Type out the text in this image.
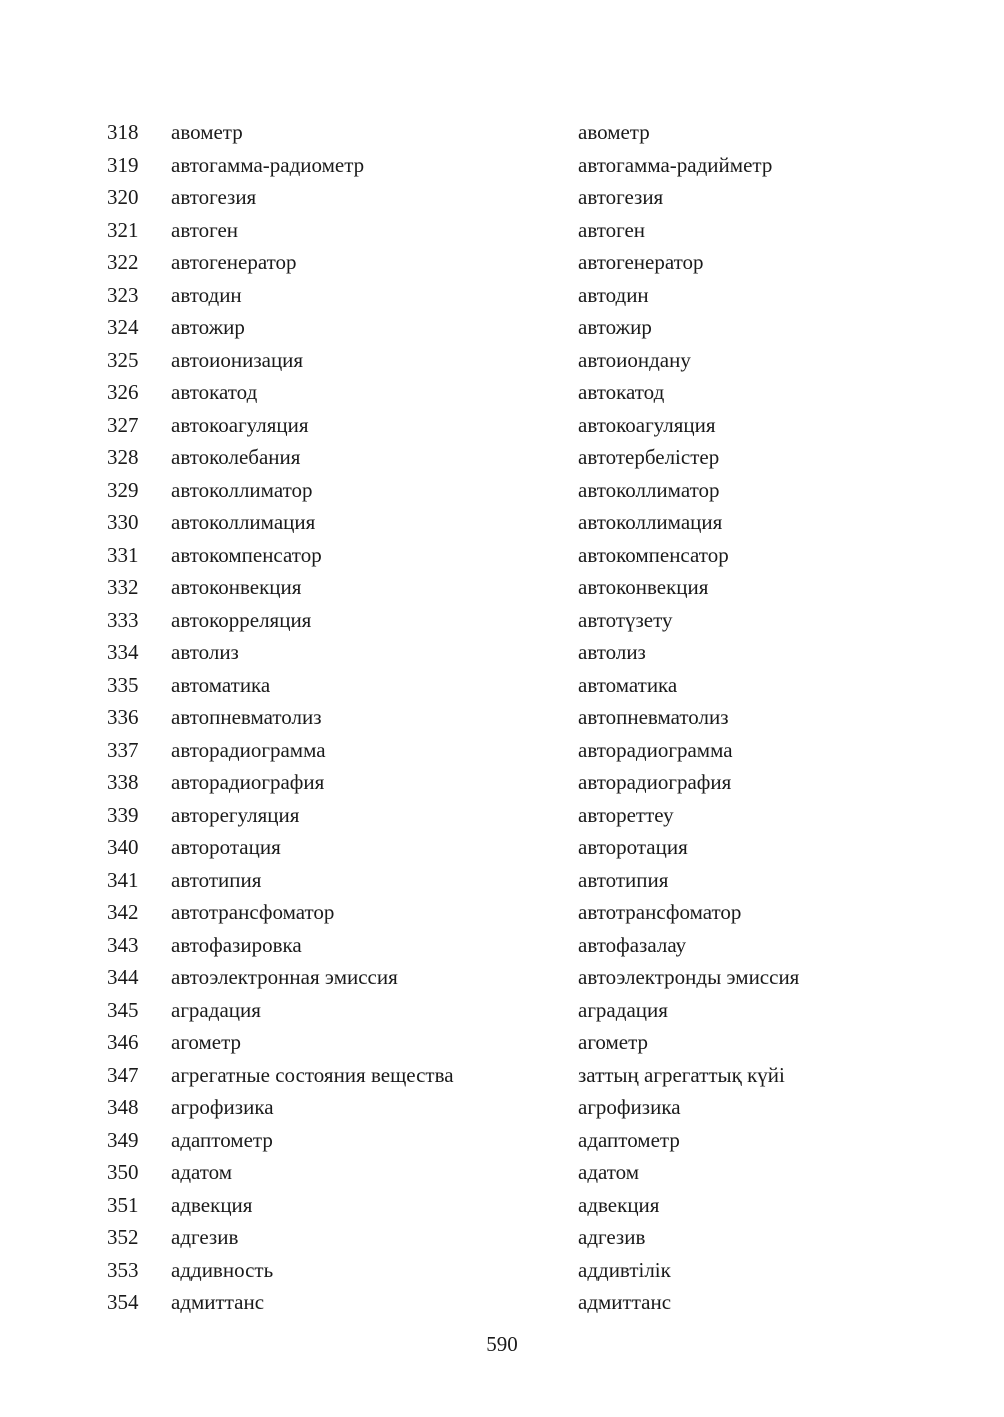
318 авометр	авометр
319 автогамма-радиометр	автогамма-радийметр
320 автогезия	автогезия
321 автоген	автоген
322 автогенератор	автогенератор
323 автодин	автодин
324 автожир	автожир
325 автоионизация	автоиондану
326 автокатод	автокатод
327 автокоагуляция	автокоагуляция
328 автоколебания	автотербелістер
329 автоколлиматор	автоколлиматор
330 автоколлимация	автоколлимация
331 автокомпенсатор	автокомпенсатор
332 автоконвекция	автоконвекция
333 автокорреляция	автотүзету
334 автолиз	автолиз
335 автоматика	автоматика
336 автопневматолиз	автопневматолиз
337 авторадиограмма	авторадиограмма
338 авторадиография	авторадиография
339 авторегуляция	автореттеу
340 авторотация	авторотация
341 автотипия	автотипия
342 автотрансфоматор	автотрансфоматор
343 автофазировка	автофазалау
344 автоэлектронная эмиссия	автоэлектронды эмиссия
345 аградация	аградация
346 агометр	агометр
347 агрегатные состояния вещества	заттың агрегаттық күйі
348 агрофизика	агрофизика
349 адаптометр	адаптометр
350 адатом	адатом
351 адвекция	адвекция
352 адгезив	адгезив
353 аддивность	аддивтілік
354 адмиттанс	адмиттанс
590
